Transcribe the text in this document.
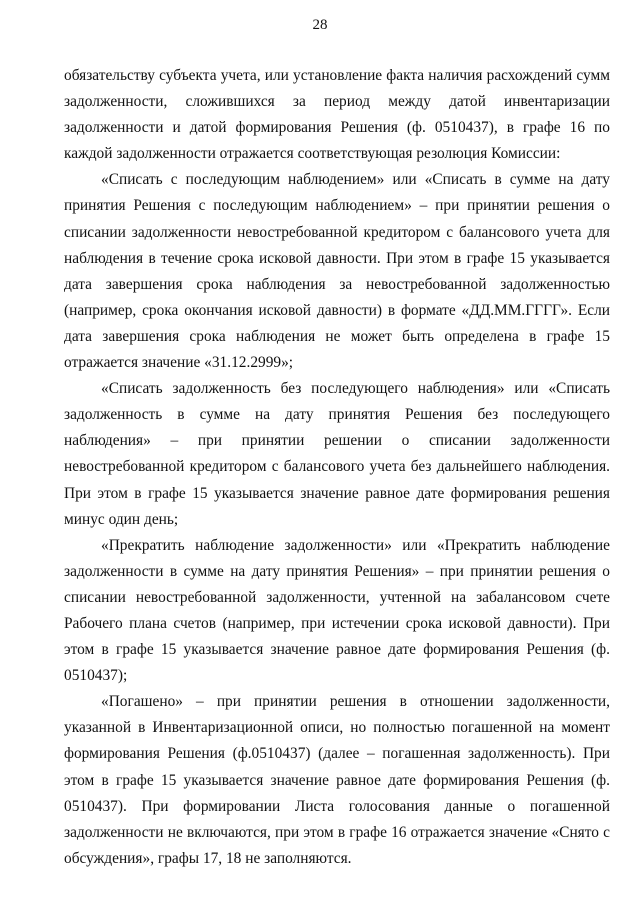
28

обязательству субъекта учета, или установление факта наличия расхождений сумм задолженности, сложившихся за период между датой инвентаризации задолженности и датой формирования Решения (ф. 0510437), в графе 16 по каждой задолженности отражается соответствующая резолюция Комиссии:

«Списать с последующим наблюдением» или «Списать в сумме на дату принятия Решения с последующим наблюдением» – при принятии решения о списании задолженности невостребованной кредитором с балансового учета для наблюдения в течение срока исковой давности. При этом в графе 15 указывается дата завершения срока наблюдения за невостребованной задолженностью (например, срока окончания исковой давности) в формате «ДД.ММ.ГГГГ». Если дата завершения срока наблюдения не может быть определена в графе 15 отражается значение «31.12.2999»;

«Списать задолженность без последующего наблюдения» или «Списать задолженность в сумме на дату принятия Решения без последующего наблюдения» – при принятии решении о списании задолженности невостребованной кредитором с балансового учета без дальнейшего наблюдения. При этом в графе 15 указывается значение равное дате формирования решения минус один день;

«Прекратить наблюдение задолженности» или «Прекратить наблюдение задолженности в сумме на дату принятия Решения» – при принятии решения о списании невостребованной задолженности, учтенной на забалансовом счете Рабочего плана счетов (например, при истечении срока исковой давности). При этом в графе 15 указывается значение равное дате формирования Решения (ф. 0510437);

«Погашено» – при принятии решения в отношении задолженности, указанной в Инвентаризационной описи, но полностью погашенной на момент формирования Решения (ф.0510437) (далее – погашенная задолженность). При этом в графе 15 указывается значение равное дате формирования Решения (ф. 0510437). При формировании Листа голосования данные о погашенной задолженности не включаются, при этом в графе 16 отражается значение «Снято с обсуждения», графы 17, 18 не заполняются.
